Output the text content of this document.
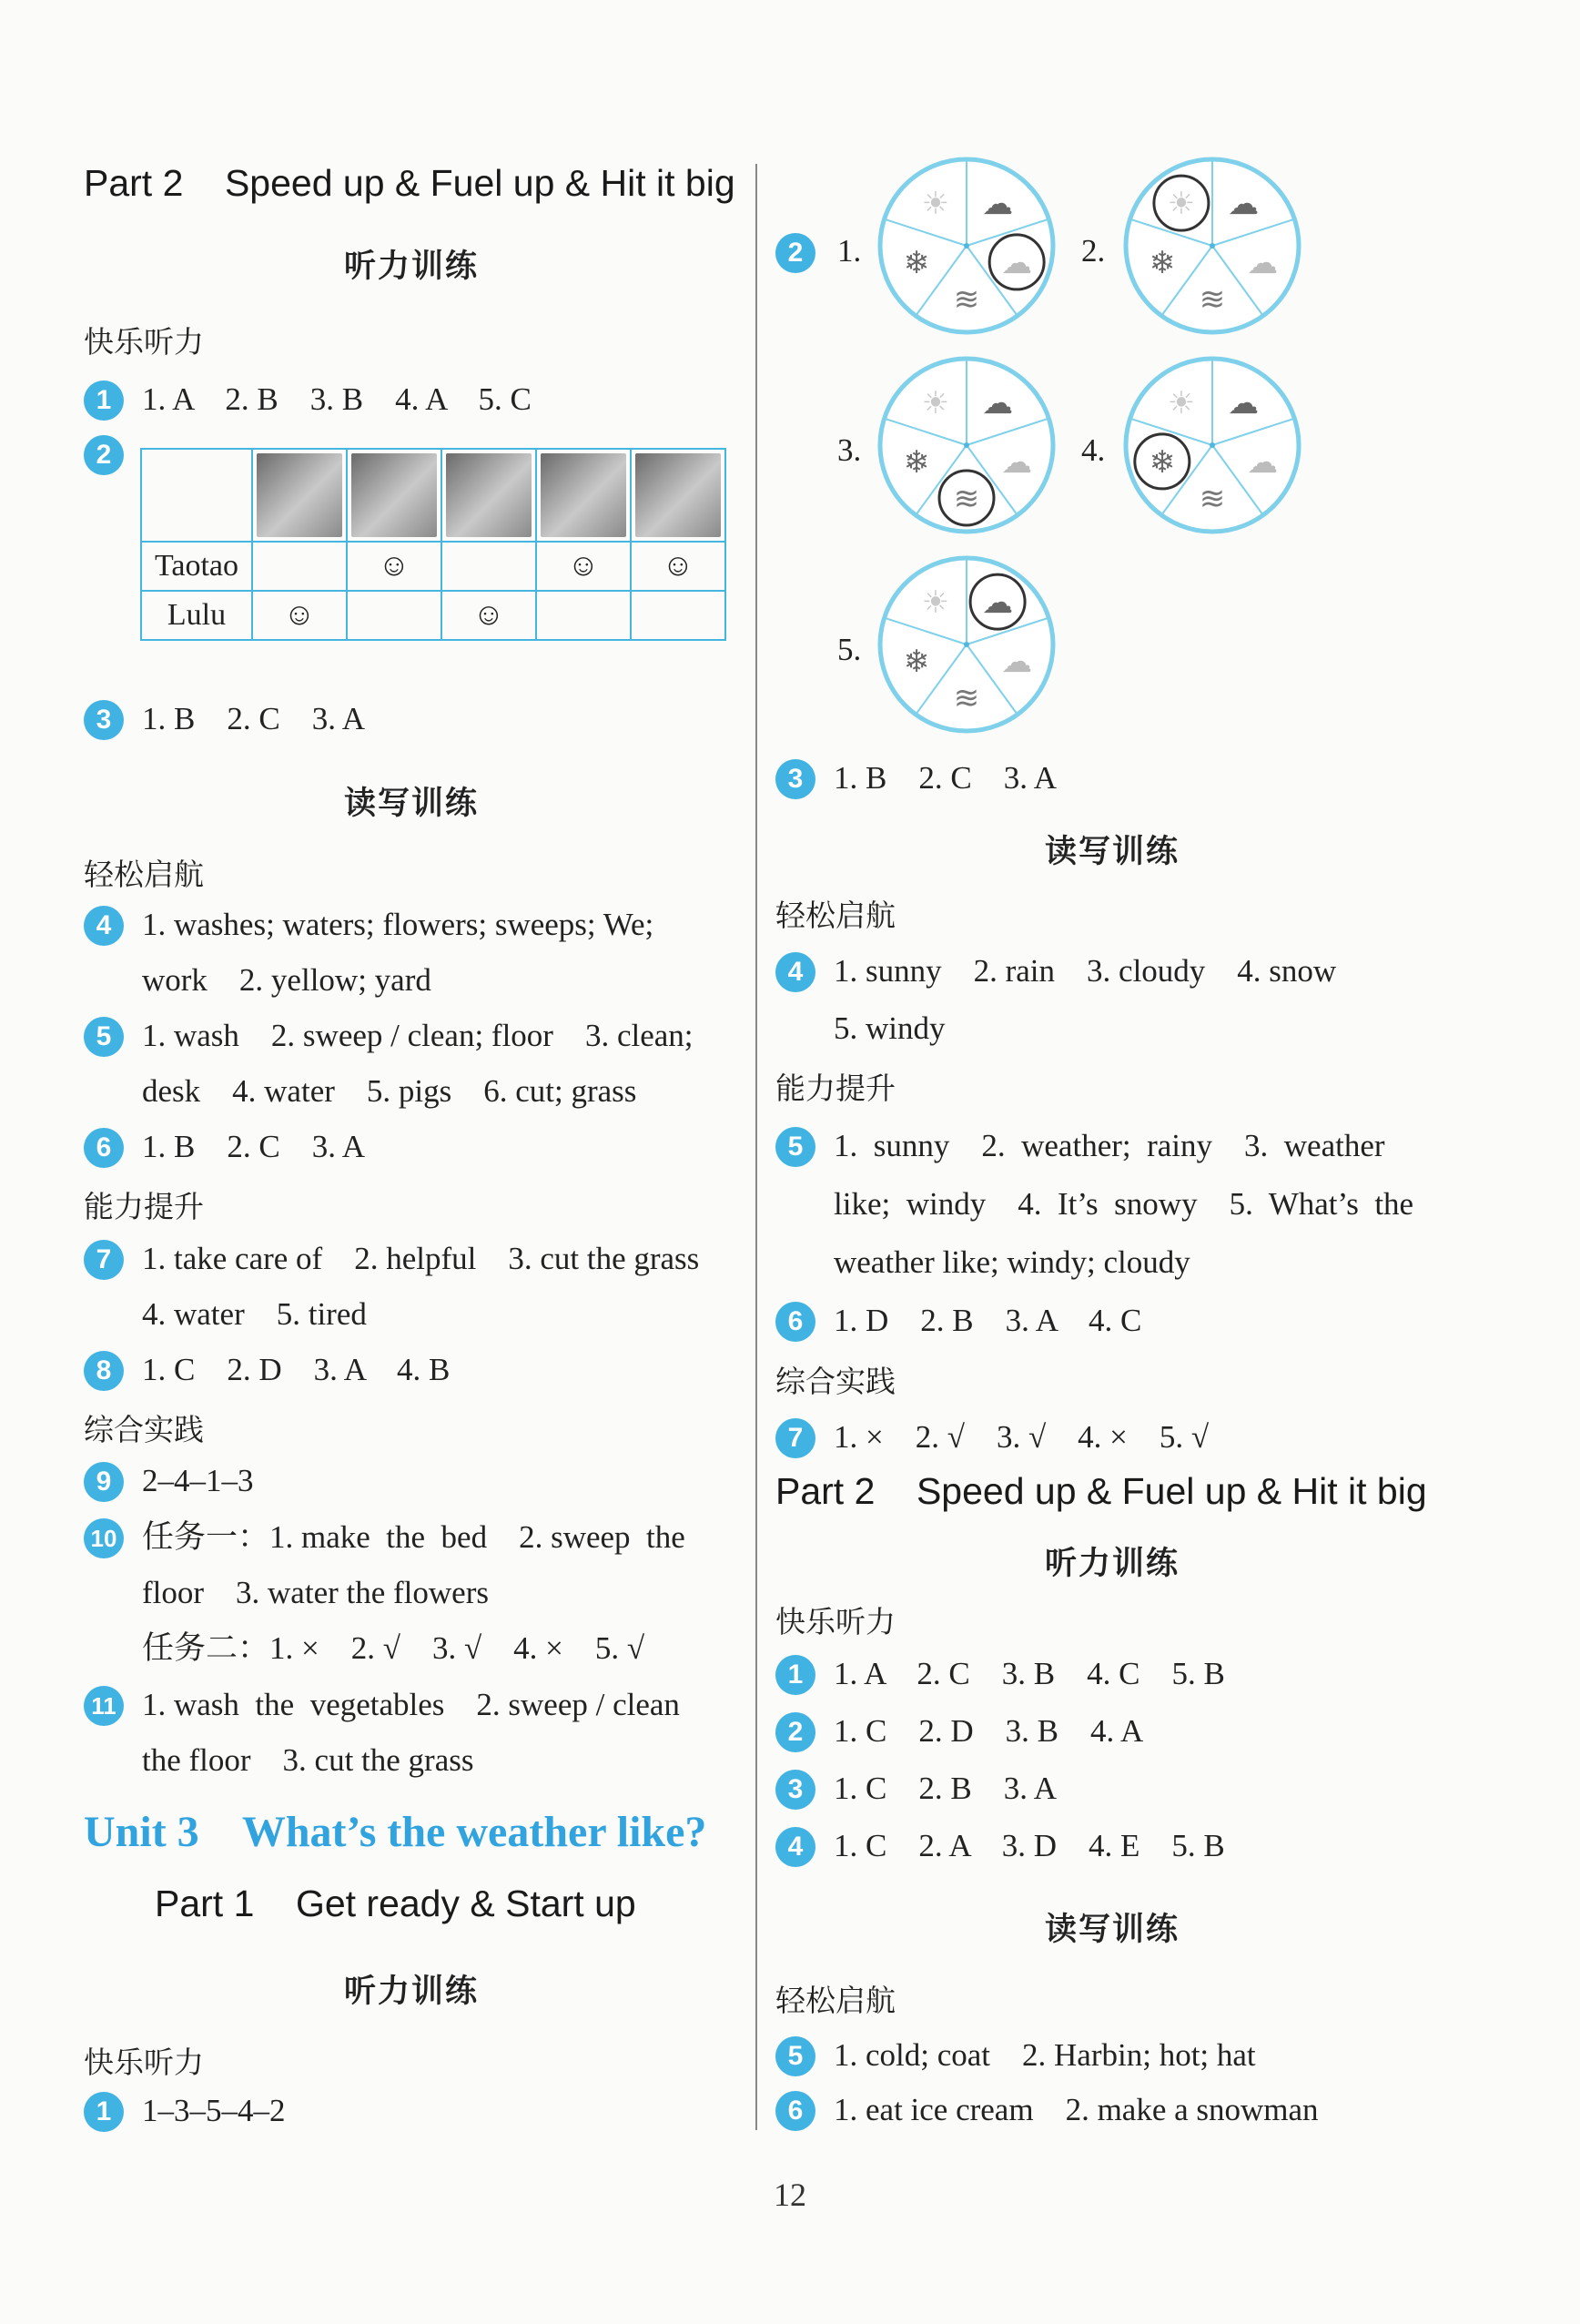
Part 2    Speed up & Fuel up & Hit it big
听力训练
快乐听力
1 1. A    2. B    3. B    4. A    5. C
2

Taotao		☺		☺	☺
Lulu	☺		☺		
3 1. B    2. C    3. A
读写训练
轻松启航
4 1. washes; waters; flowers; sweeps; We;
work    2. yellow; yard
5 1. wash    2. sweep / clean; floor    3. clean;
desk    4. water    5. pigs    6. cut; grass
6 1. B    2. C    3. A
能力提升
7 1. take care of    2. helpful    3. cut the grass
4. water    5. tired
8 1. C    2. D    3. A    4. B
综合实践
9 2–4–1–3
10 任务一：1. make  the  bed    2. sweep  the
floor    3. water the flowers
任务二：1. ×    2. √    3. √    4. ×    5. √
11 1. wash  the  vegetables    2. sweep / clean
the floor    3. cut the grass
Unit 3    What’s the weather like?
Part 1    Get ready & Start up
听力训练
快乐听力
1 1–3–5–4–2
2	1.	2.
3.	4.
5.
☀ ☁
☁
≋
❄
☀ ☁
☁
≋
❄
☀ ☁
☁
≋
❄
☀ ☁
☁
≋
❄
☀ ☁
☁
≋
❄
3 1. B    2. C    3. A
读写训练
轻松启航
4 1. sunny    2. rain    3. cloudy    4. snow
5. windy
能力提升
5 1.  sunny    2.  weather;  rainy    3.  weather
like;  windy    4.  It’s  snowy    5.  What’s  the
weather like; windy; cloudy
6 1. D    2. B    3. A    4. C
综合实践
7 1. ×    2. √    3. √    4. ×    5. √
Part 2    Speed up & Fuel up & Hit it big
听力训练
快乐听力
1 1. A    2. C    3. B    4. C    5. B
2 1. C    2. D    3. B    4. A
3 1. C    2. B    3. A
4 1. C    2. A    3. D    4. E    5. B
读写训练
轻松启航
5 1. cold; coat    2. Harbin; hot; hat
6 1. eat ice cream    2. make a snowman
12
